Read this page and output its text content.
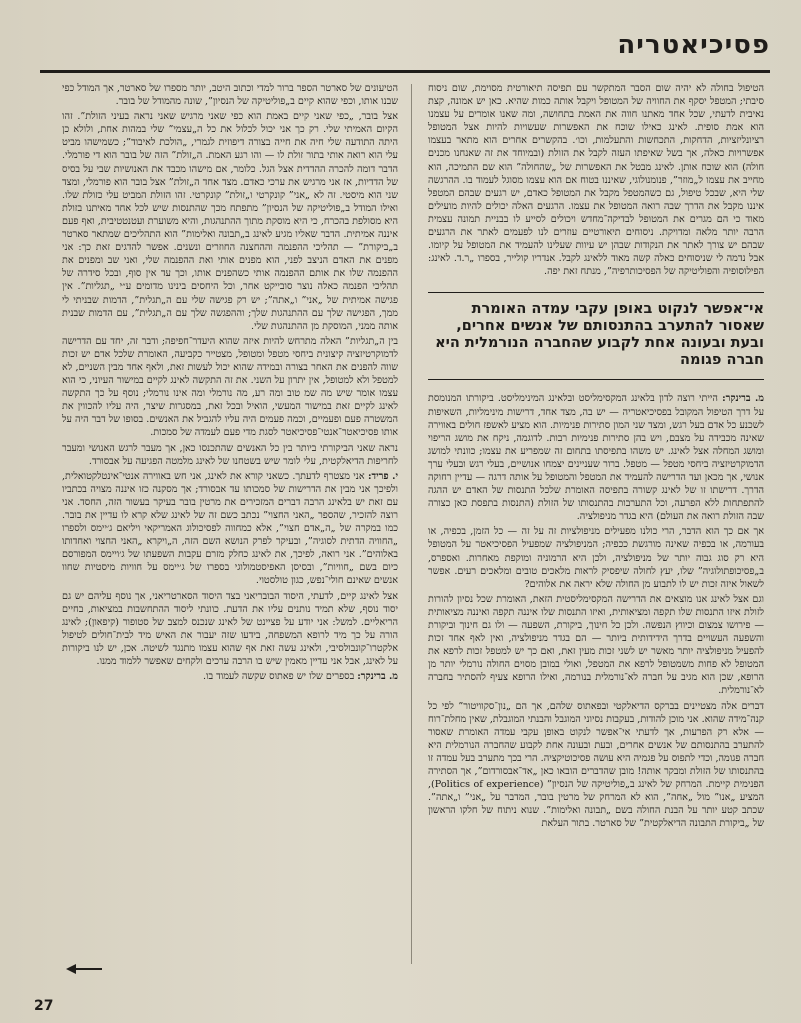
פסיכיאטריה

הטיפול בחולה לא יהיה שום הסבר המתקשר עם תפיסה תיאורטית מסוימת, שום ניסוח סיבתי; המטפל יסקף את החוויה של המטופל ויקבל אותה כמות שהיא. כאן יש אמונה, קצת נאיבית לדעתי, שכל אחד מאתנו חווה את האמת בתחושה, ומה שאנו אומרים על עצמנו הוא אמת סופית. לאינג כאילו שוכח את האפשרות שעשויות להיות אצל המטופל רציונליזציות, הדחקות, התכחשות והתעלמות, וכו׳. בהקשרים אחרים הוא מתאר בעצמו אפשרויות כאלה, אך בשל שאיפתו העזה לקבל את הזולת (ובמיוחד את זה שאנחנו מכנים חולה) הוא שוכח אותן. לאינג מבטל את האפשרות של „שהחולה” הוא שם התמיכה, הוא מחייב את עצמו ל„מוזר”, פנומנולוגי, שאיננו בטוח אם הוא עצמו מסוגל לעמוד בו. ההרגשה שלי היא, שבכל טיפול, גם כשהמטפל מקבל את המטופל כאדם, יש רגעים שבהם המטפל איננו מקבל את הדרך שבה רואה המטופל את עצמו. הרגעים האלה יכולים להיות מועילים מאוד כי הם מגרים את המטופל לבדיקה־מחדש ויכולים לסייע לו בבניית תמונה עצמית הרבה יותר מלאה ומדויקת. ניסוחים תיאורטיים עוזרים לנו לפעמים לאתר את הרגעים שבהם יש צורך לאתר את הנקודות שבהן יש עיוות שעלינו להעמיד את המטופל על קיומו. אבל נדמה לי שניסוחים כאלה קשה מאוד ללאינג לקבל. אנדריו קולייר, בספרו „ר.ד. לאינג: הפילוסופיה והפוליטיקה של הפסיכותרפיה”, מנתח זאת יפה.

אי־אפשר לנקוט באופן עקבי עמדה האומרת שאסור להתערב בהתנסותם של אנשים אחרים, ובעת ובעונה אחת לקבוע שהחברה הנורמלית היא חברה פגומה

מ. ברינקר: הייתי רוצה לדון בלאינג המקסימליסט ובלאינג המינימליסט. ביקורתו המנומסת על דרך הטיפול המקובל בפסיכיאטריה — יש בה, מצד אחד, דרישות מינימליות, השאיפות לשכנע כל אדם בעל רגש, ומצד שני המון סתירות פנימיות. הוא מציע לאשפז חולים באווירה שאינה מכבידה על מצבם, ויש בהן סתירות פנימיות רבות. לדוגמה, ניקח את מושג הריפוי ומושג המחלה אצל לאינג. יש משהו בתפיסתו בתחום זה שמפריע את עצמו; כוונתי למושג הדמוקרטיזציה ביחסי מטפל — מטפל. ברור שעניינים יצמחו אנושיים, בעלי רגש ובעלי ערך אנושי, אך מכאן ועד הדרישה להעמיד את המטפל והמטופל על אותה דרגה — עדיין רחוקה הדרך. דרישתו זו של לאינג קשורה בתפיסה האומרת שלכל התנסות של האדם יש ההגה להתפתחות ללא הפרעה, וכל התערבות בהתנסותו של הזולת (התנסות בתפסת כאן כצורה שבה הזולת רואה את העולם) היא בגדר מניפולציה.

אך אם כך הוא הדבר, הרי כולנו מפעילים מניפולציות זה על זה — כל הזמן, בכפיה, או בעורמה, או בכפיה שאינה מורגשת ככפיה; המניפולציה שמפעיל הפסיכיאטר על המטופל היא רק סוג גבוה יותר של מניפולציה, ולכן היא הרמוניה ומוקפת מאחרות. ואספרס, ב„פסיכופתולוגיה” שלו, יעץ לחולה שיפסיק לראות מלאכים טובים ומלאכים רעים. אפשר לשאול איזה זכות יש לו לתבוע מן החולה שלא יראה את אלוהים?

וגם אצל לאינג אנו מוצאים את הדרישה המקסימליסטית הזאת, האומרת שכל נסיון להורות לזולת איזו התנסות שלו תקפה ומציאותית, ואיזו התנסות שלו איננה תקפה ואיננה מציאותית — פירושו צמצום וכיווץ הנפשה. ולכן כל חינוך, ביקורת, השפעה — ולו גם חינוך וביקורת והשפעה העשויים בדרך הידידותית ביותר — הם בגדר מניפולציה, ואין לאף אחד זכות להפעיל מניפולציה יותר מאשר יש לשני זכות מעין זאת, ואם כך יש למטפל זכות לרפא את המטופל לא פחות משמטופל לרפא את המטפל, ואולי במובן מסוים החולה נורמלי יותר מן הרופא, שכן הוא מגיב על חברה לא־נורמלית בנורמה, ואילו הרופא צעיף להסתיר בחברה לא־נורמלית.

דברים אלה מצטיינים בברקס הדיאלקטי ובפאתוס שלהם, אך הם „נון־סקוויטור” לפי כל קנה־מידה שהוא. אני מוכן להודות, בעקבות נסיוני המוגבל והבנתי המוגבלת, שאין מחלת־רוח — אלא רק הפרעות, אך לדעתי אי־אפשר לנקוט באופן עקבי עמדה האומרת שאסור להתערב בהתנסותם של אנשים אחרים, ובעת ובעונה אחת לקבוע שהחברה הנורמלית היא חברה פגומה, וכדי לתפוס על פגמיה היא עושה פסיכוטיקציה. הרי בכך מתערב בעל עמדה זו בהתנסותו של הזולת ומבקר אותה! מובן שהדברים הובאו כאן „אד־אבסורדום”, אך הסתירה הפנימית קיימת. המרחק של לאינג ב„פוליטיקה של הנסיון” (Politics of experience), המציע „אנו” מול „אחה”, הוא לא המרחק של מרטין בובר, המדבר על „אני” ו„אתה”. שכתב קטע יותר על הבנת החולה בשם „תבונה ואלימות”. שנוא ניתוח של חלקו הראשון של „ביקורת התבונה הדיאלקטית” של סארטר. בתור העלאת

הטיעונים של סארטר הספר ברור למדי וכתוב היטב, יותר מספרו של סארטר, אך המודל כפי שבנו אותו, וכפי שהוא קיים ב„פוליטיקה של הנסיון”, שונה מהמודל של בובר.

אצל בובר, „כפי שאני קיים באמת הוא כפי שאני מרגיש שאני נראה בעיני הזולת”. זהו הקיום האמיתי שלי. רק כך אני יכול לכלול את כל ה„עצמי” שלי במהות אחת, ולולא כן היתה התודעה שלי חיה את חייה בצורה דיפוזית לגמרי, „הולכת לאיבוד”; כשמישהו מביט עלי הוא רואה אותי בתור זולת לו — והו רגע האמת. ה„זולת” הזה של בובר הוא די פורמלי. הדבר דומה להכרה ההדדית אצל הגל. כלומר, אם מישהו מכבד את האנושיות שבי על בסיס של הדדיות, אז אני מרגיש את ערכי כאדם. מצד אחד ה„זולת” אצל בובר הוא פורמלי, ומצד שני הוא מיסטי. זה לא „אני” קונקרטי ו„זולת” קונקרטי. זהו הזולת המביט עלי כזולת שלו. ואילו המודל ב„פוליטיקה של הנסיון” מתפתח מכך שהתנסות שיש לכל אחד מאיתנו בזולת היא מסולפת בהכרח, כי היא מוסקת מתוך ההתנהגות, והיא משוערת ועטנטטיבית, ואף פעם איננה אמיתית. הדבר שאליו מגיע לאינג ב„תבונה ואלימות” הוא התהליכים שמתאר סארטר ב„ביקורת” — תהליכי ההפנמה וההחצנה החוזרים ונשנים. אפשר להדגים זאת כך: אני מפנים את האדם הניצב לפני, הוא מפנים אותי ואת ההפנמה שלי, ואני שב ומפנים את ההפנמה שלו את אותם ההפנמה אותי כשהפנים אותו, וכך עד אין סוף, ובכל סידרה של תהליכי הפנמה כאלה נוצר סובייקט אחר, וכל היחסים בינינו מדומים ע״י „תגליות”. אין פגישה אמיתית של „אני” ו„אתה”; יש רק פגישה שלי עם ה„תגלית”, הדמות שבניתי לי ממך, הפגישה שלך עם ההתנהגות שלך; וההפגשה שלך עם ה„תגלית”, עם הדמות שבנית אותה ממני, המוסקת מן ההתנהגות שלי.

בין ה„תגליות” האלה מתרחש להיות איזה שהוא היעדר־חפיפה; ודבר זה, יחד עם הדרישה לדמוקרטיזציה קיצונית ביחסי מטפל ומטופל, מצטייר כקביעה, האומרת שלכל אדם יש זכות שווה להפנים את האחר בצורה ובמידה שהוא יכול לעשות זאת, ולאף אחד מבין השניים, לא למטפל ולא למטופל, אין יתרון על השני. את זה התקשה לאינג לקיים במישור העיוני, כי הוא עצמו אומר שיש מה שמ טוב ומה רע, מה נורמלי ומה אינו נורמלי; נוסף על כך התקשה לאינג לקיים זאת במישור המעשי, הואיל ובכל זאת, במסגרות שיצר, היה עליו להכווין את המשטרה פעם ופעמיים, וכמה פעמים היה עליו להגביל את האנשים. בסופו של דבר היה על אותו פסיכיאטר־אנטי־פסיכיאטר לסגת מדי פעם לעמדה של סמכות.

נראה שאני הביקורתי ביותר בין כל האנשים שהתכנסו כאן, אך מעבר לרגש האנושי ומעבר לחריפות הדיאלקטית, עלי לומר שיש בשטחנו של לאינג מלמטה הפגיעה על אבסורד.

י. פריד: אני מצטרף לדעתך. כשאני קורא את לאינג, אני חש באווירה אנטי־אינטלקטואלית, ולפיכך אני מבין את הדרישות של סמכותו עד אבסורד; אך מסקנה כזו איננה מצויה בכתביו עם זאת יש בלאינג הרבה דברים המזכירים את מרטין בובר בעיקר בעשור הזה, החסד. אני רוצה להזכיר, שהספר „האני החצוי” נכתב כשם זה של לאינג שלא קרא לו עדיין את בובר. כמו במקרה של „ה„אדם חצוי”, אלא כמחווה לפסיכולוג האמריקאי ויליאם ג׳יימס ולספרו „החוויה הדתית לסוגיה”, ובעיקר לפרק הנושא השם הזה, ה„ויקרא „האני החצוי ואחדותו באלוהים”. אני רואה, לפיכך, את לאינג כחלק מזרם עקבות השפעתו של ג׳ויימס המפורסם כיום בשם „חוויות”, ובסיסן האפיסטמולוגי בספרו של ג׳יימס על חוויות מיסטיות שחוו אנשים שאינם חולי־נפש, כגון טולסטוי.

אצל לאינג קיים, לדעתי, היסוד הבובריאני בצד היסוד הסארטריאני, אך נוסף עליהם יש גם יסוד נוסף, שלא תמיד נותנים עליו את הדעת. כוונתי ליסוד ההתחשבות במציאות, בחיים הריאליים. למשל: אני יודע על פציינט של לאינג שנכנס למצב של סטופור (קיפאון); לאינג הורה על כך מיד לרופא המשפחה, בידעו שזה יעבור את האיש מיד לבית־חולים לטיפול אלקטרו־קונבולסיבי, ולאינג עשה זאת אף שהוא עצמו מתנגד לשיטה. אכן, יש לנו ביקורות על לאינג, אבל אני עדיין מאמין שיש בו הרבה ערכים ולקחים שאפשר ללמוד ממנו.

מ. ברינקר: בספרים שלו יש פאתוס שקשה לעמוד בו.

27
